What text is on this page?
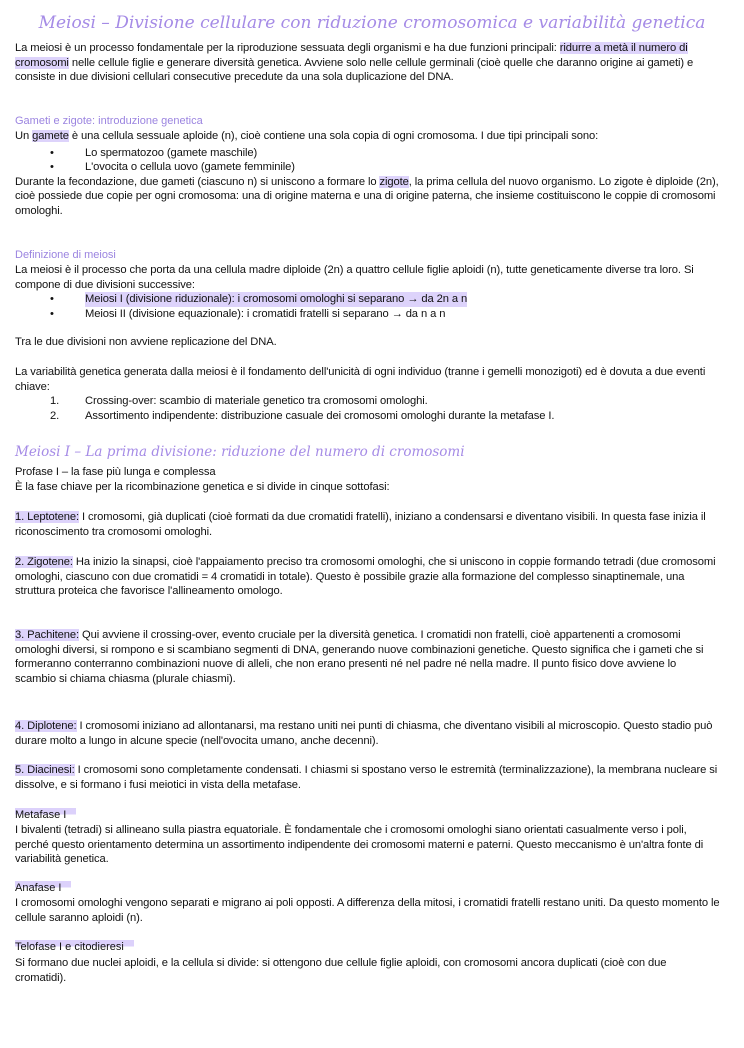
Meiosi – Divisione cellulare con riduzione cromosomica e variabilità genetica

La meiosi è un processo fondamentale per la riproduzione sessuata degli organismi e ha due funzioni principali: ridurre a metà il numero di cromosomi nelle cellule figlie e generare diversità genetica. Avviene solo nelle cellule germinali (cioè quelle che daranno origine ai gameti) e consiste in due divisioni cellulari consecutive precedute da una sola duplicazione del DNA.

Gameti e zigote: introduzione genetica

Un gamete è una cellula sessuale aploide (n), cioè contiene una sola copia di ogni cromosoma. I due tipi principali sono:

•	Lo spermatozoo (gamete maschile)
•	L'ovocita o cellula uovo (gamete femminile)

Durante la fecondazione, due gameti (ciascuno n) si uniscono a formare lo zigote, la prima cellula del nuovo organismo. Lo zigote è diploide (2n), cioè possiede due copie per ogni cromosoma: una di origine materna e una di origine paterna, che insieme costituiscono le coppie di cromosomi omologhi.

Definizione di meiosi

La meiosi è il processo che porta da una cellula madre diploide (2n) a quattro cellule figlie aploidi (n), tutte geneticamente diverse tra loro. Si compone di due divisioni successive:

•	Meiosi I (divisione riduzionale): i cromosomi omologhi si separano → da 2n a n
•	Meiosi II (divisione equazionale): i cromatidi fratelli si separano → da n a n

Tra le due divisioni non avviene replicazione del DNA.

La variabilità genetica generata dalla meiosi è il fondamento dell'unicità di ogni individuo (tranne i gemelli monozigoti) ed è dovuta a due eventi chiave:

1.	Crossing-over: scambio di materiale genetico tra cromosomi omologhi.
2.	Assortimento indipendente: distribuzione casuale dei cromosomi omologhi durante la metafase I.
Meiosi I – La prima divisione: riduzione del numero di cromosomi

Profase I – la fase più lunga e complessa

È la fase chiave per la ricombinazione genetica e si divide in cinque sottofasi:

1. Leptotene: I cromosomi, già duplicati (cioè formati da due cromatidi fratelli), iniziano a condensarsi e diventano visibili. In questa fase inizia il riconoscimento tra cromosomi omologhi.

2. Zigotene: Ha inizio la sinapsi, cioè l'appaiamento preciso tra cromosomi omologhi, che si uniscono in coppie formando tetradi (due cromosomi omologhi, ciascuno con due cromatidi = 4 cromatidi in totale). Questo è possibile grazie alla formazione del complesso sinaptinemale, una struttura proteica che favorisce l'allineamento omologo.

3. Pachitene: Qui avviene il crossing-over, evento cruciale per la diversità genetica. I cromatidi non fratelli, cioè appartenenti a cromosomi omologhi diversi, si rompono e si scambiano segmenti di DNA, generando nuove combinazioni genetiche. Questo significa che i gameti che si formeranno conterranno combinazioni nuove di alleli, che non erano presenti né nel padre né nella madre. Il punto fisico dove avviene lo scambio si chiama chiasma (plurale chiasmi).

4. Diplotene: I cromosomi iniziano ad allontanarsi, ma restano uniti nei punti di chiasma, che diventano visibili al microscopio. Questo stadio può durare molto a lungo in alcune specie (nell'ovocita umano, anche decenni).

5. Diacinesi: I cromosomi sono completamente condensati. I chiasmi si spostano verso le estremità (terminalizzazione), la membrana nucleare si dissolve, e si formano i fusi meiotici in vista della metafase.

Metafase I

I bivalenti (tetradi) si allineano sulla piastra equatoriale. È fondamentale che i cromosomi omologhi siano orientati casualmente verso i poli, perché questo orientamento determina un assortimento indipendente dei cromosomi materni e paterni. Questo meccanismo è un'altra fonte di variabilità genetica.

Anafase I

I cromosomi omologhi vengono separati e migrano ai poli opposti. A differenza della mitosi, i cromatidi fratelli restano uniti. Da questo momento le cellule saranno aploidi (n).

Telofase I e citodieresi

Si formano due nuclei aploidi, e la cellula si divide: si ottengono due cellule figlie aploidi, con cromosomi ancora duplicati (cioè con due cromatidi).
